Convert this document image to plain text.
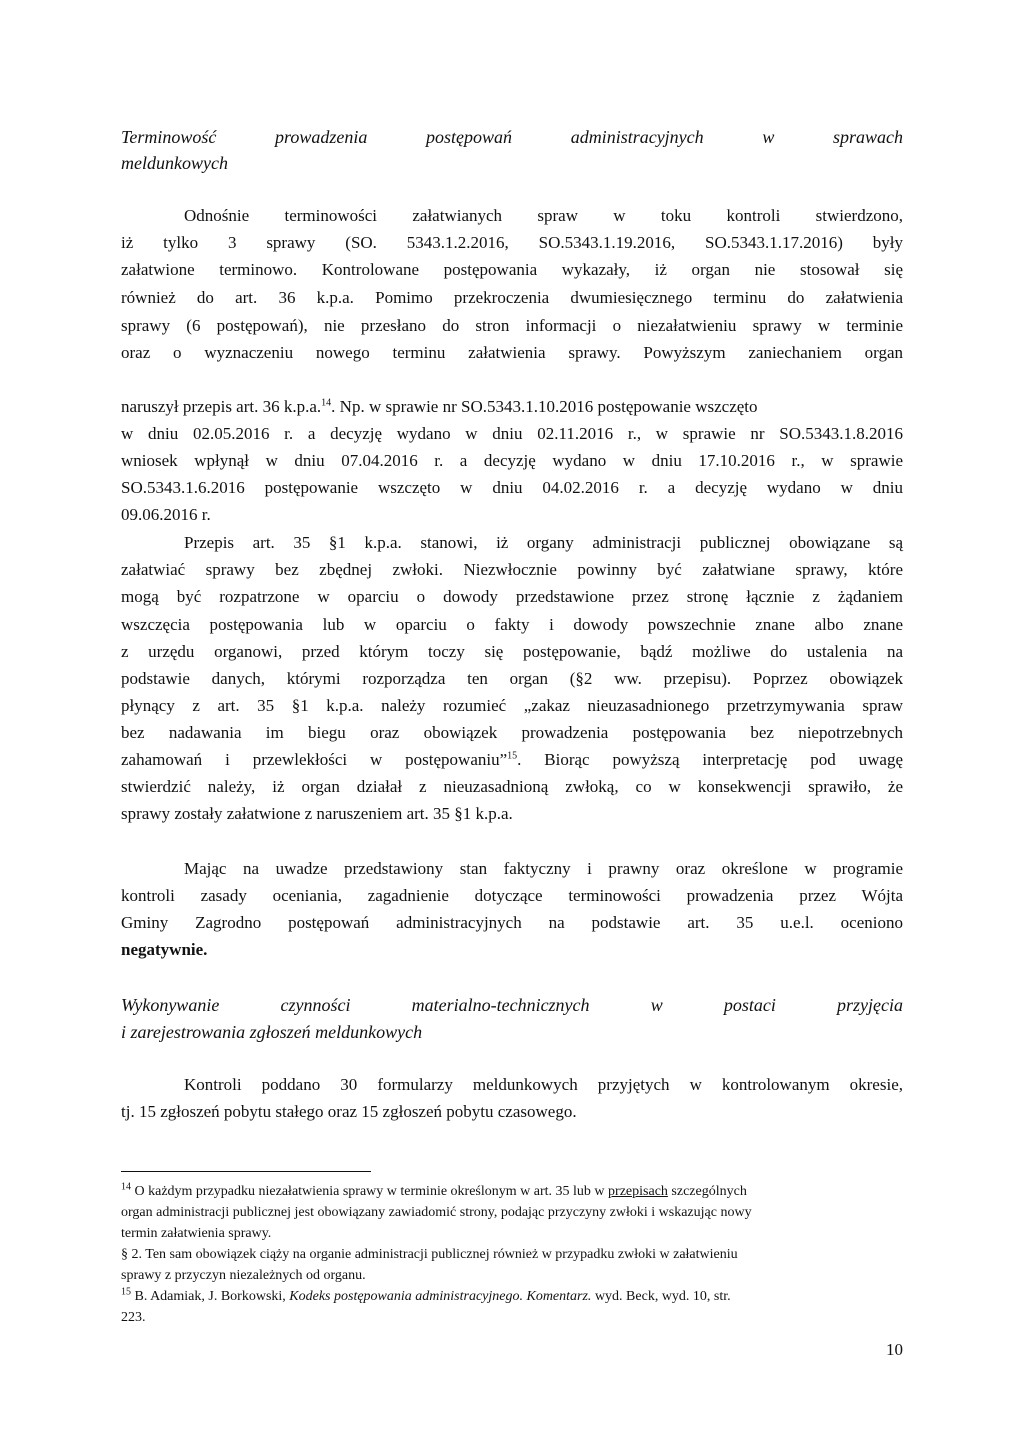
Terminowość prowadzenia postępowań administracyjnych w sprawach
meldunkowych
Odnośnie terminowości załatwianych spraw w toku kontroli stwierdzono,
iż tylko 3 sprawy (SO. 5343.1.2.2016, SO.5343.1.19.2016, SO.5343.1.17.2016) były
załatwione terminowo. Kontrolowane postępowania wykazały, iż organ nie stosował się
również do art. 36 k.p.a. Pomimo przekroczenia dwumiesięcznego terminu do załatwienia
sprawy (6 postępowań), nie przesłano do stron informacji o niezałatwieniu sprawy w terminie
oraz o wyznaczeniu nowego terminu załatwienia sprawy. Powyższym zaniechaniem organ
naruszył przepis art. 36 k.p.a.$^{14}$. Np. w sprawie nr SO.5343.1.10.2016 postępowanie wszczęto
w dniu 02.05.2016 r. a decyzję wydano w dniu 02.11.2016 r., w sprawie nr SO.5343.1.8.2016
wniosek wpłynął w dniu 07.04.2016 r. a decyzję wydano w dniu 17.10.2016 r., w sprawie
SO.5343.1.6.2016 postępowanie wszczęto w dniu 04.02.2016 r. a decyzję wydano w dniu
09.06.2016 r.
Przepis art. 35 §1 k.p.a. stanowi, iż organy administracji publicznej obowiązane są
załatwiać sprawy bez zbędnej zwłoki. Niezwłocznie powinny być załatwiane sprawy, które
mogą być rozpatrzone w oparciu o dowody przedstawione przez stronę łącznie z żądaniem
wszczęcia postępowania lub w oparciu o fakty i dowody powszechnie znane albo znane
z urzędu organowi, przed którym toczy się postępowanie, bądź możliwe do ustalenia na
podstawie danych, którymi rozporządza ten organ (§2 ww. przepisu). Poprzez obowiązek
płynący z art. 35 §1 k.p.a. należy rozumieć „zakaz nieuzasadnionego przetrzymywania spraw
bez nadawania im biegu oraz obowiązek prowadzenia postępowania bez niepotrzebnych
zahamowań i przewlekłości w postępowaniu”$^{15}$. Biorąc powyższą interpretację pod uwagę
stwierdzić należy, iż organ działał z nieuzasadnioną zwłoką, co w konsekwencji sprawiło, że
sprawy zostały załatwione z naruszeniem art. 35 §1 k.p.a.
Mając na uwadze przedstawiony stan faktyczny i prawny oraz określone w programie
kontroli zasady oceniania, zagadnienie dotyczące terminowości prowadzenia przez Wójta
Gminy Zagrodno postępowań administracyjnych na podstawie art. 35 u.e.l. oceniono
negatywnie.
Wykonywanie czynności materialno-technicznych w postaci przyjęcia
i zarejestrowania zgłoszeń meldunkowych
Kontroli poddano 30 formularzy meldunkowych przyjętych w kontrolowanym okresie,
tj. 15 zgłoszeń pobytu stałego oraz 15 zgłoszeń pobytu czasowego.
$^{14}$ O każdym przypadku niezałatwienia sprawy w terminie określonym w art. 35 lub w przepisach szczególnych
organ administracji publicznej jest obowiązany zawiadomić strony, podając przyczyny zwłoki i wskazując nowy
termin załatwienia sprawy.
§ 2. Ten sam obowiązek ciąży na organie administracji publicznej również w przypadku zwłoki w załatwieniu
sprawy z przyczyn niezależnych od organu.
$^{15}$ B. Adamiak, J. Borkowski, Kodeks postępowania administracyjnego. Komentarz. wyd. Beck, wyd. 10, str.
223.
10
